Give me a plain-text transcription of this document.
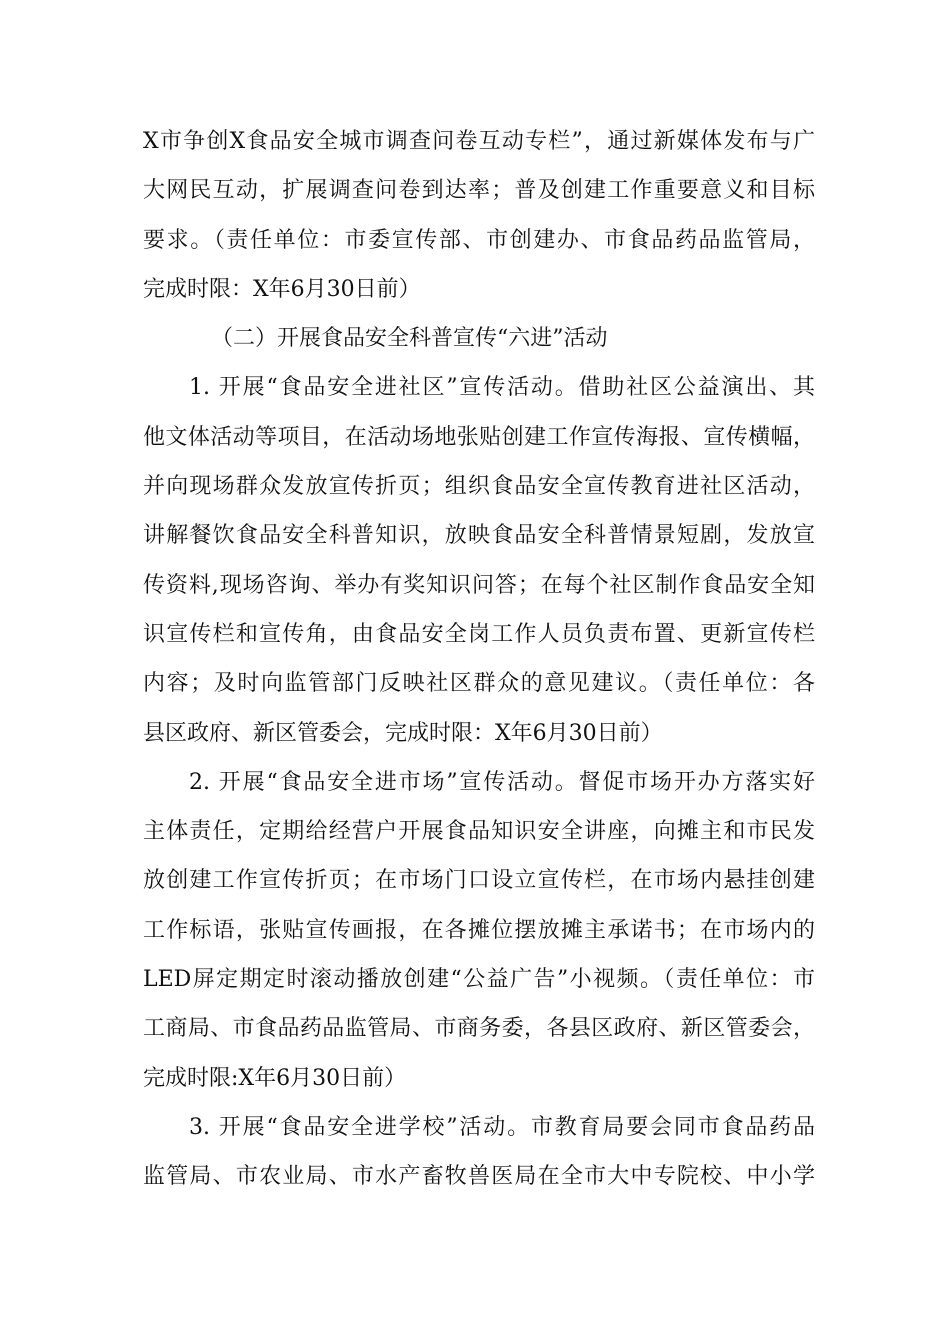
X市争创X食品安全城市调查问卷互动专栏”，通过新媒体发布与广
大网民互动，扩展调查问卷到达率；普及创建工作重要意义和目标
要求。（责任单位：市委宣传部、市创建办、市食品药品监管局，
完成时限：X年6月30日前）
（二）开展食品安全科普宣传“六进”活动
1. 开展“食品安全进社区”宣传活动。借助社区公益演出、其
他文体活动等项目，在活动场地张贴创建工作宣传海报、宣传横幅，
并向现场群众发放宣传折页；组织食品安全宣传教育进社区活动，
讲解餐饮食品安全科普知识，放映食品安全科普情景短剧，发放宣
传资料,现场咨询、举办有奖知识问答；在每个社区制作食品安全知
识宣传栏和宣传角，由食品安全岗工作人员负责布置、更新宣传栏
内容；及时向监管部门反映社区群众的意见建议。（责任单位：各
县区政府、新区管委会，完成时限：X年6月30日前）
2. 开展“食品安全进市场”宣传活动。督促市场开办方落实好
主体责任，定期给经营户开展食品知识安全讲座，向摊主和市民发
放创建工作宣传折页；在市场门口设立宣传栏，在市场内悬挂创建
工作标语，张贴宣传画报，在各摊位摆放摊主承诺书；在市场内的
LED屏定期定时滚动播放创建“公益广告”小视频。（责任单位：市
工商局、市食品药品监管局、市商务委，各县区政府、新区管委会，
完成时限:X年6月30日前）
3. 开展“食品安全进学校”活动。市教育局要会同市食品药品
监管局、市农业局、市水产畜牧兽医局在全市大中专院校、中小学
